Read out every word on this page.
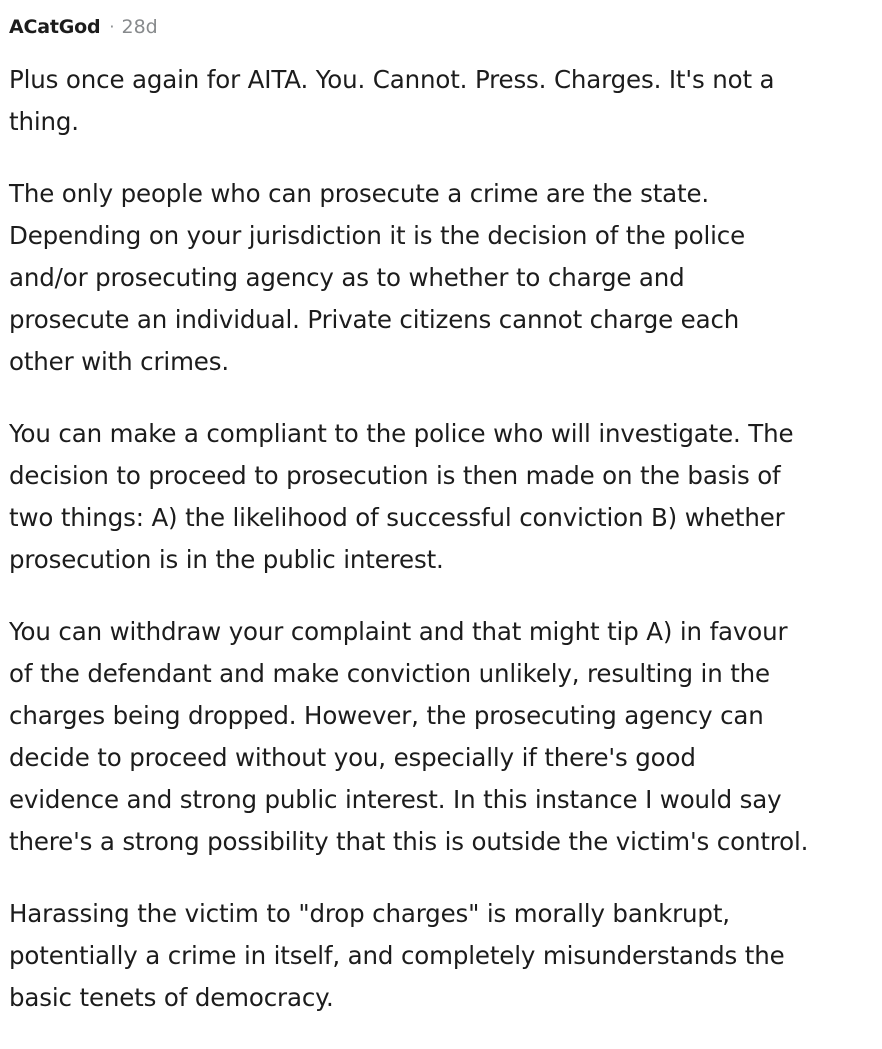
ACatGod · 28d

Plus once again for AITA. You. Cannot. Press. Charges. It's not a
thing.

The only people who can prosecute a crime are the state.
Depending on your jurisdiction it is the decision of the police
and/or prosecuting agency as to whether to charge and
prosecute an individual. Private citizens cannot charge each
other with crimes.

You can make a compliant to the police who will investigate. The
decision to proceed to prosecution is then made on the basis of
two things: A) the likelihood of successful conviction B) whether
prosecution is in the public interest.

You can withdraw your complaint and that might tip A) in favour
of the defendant and make conviction unlikely, resulting in the
charges being dropped. However, the prosecuting agency can
decide to proceed without you, especially if there's good
evidence and strong public interest. In this instance I would say
there's a strong possibility that this is outside the victim's control.

Harassing the victim to "drop charges" is morally bankrupt,
potentially a crime in itself, and completely misunderstands the
basic tenets of democracy.
